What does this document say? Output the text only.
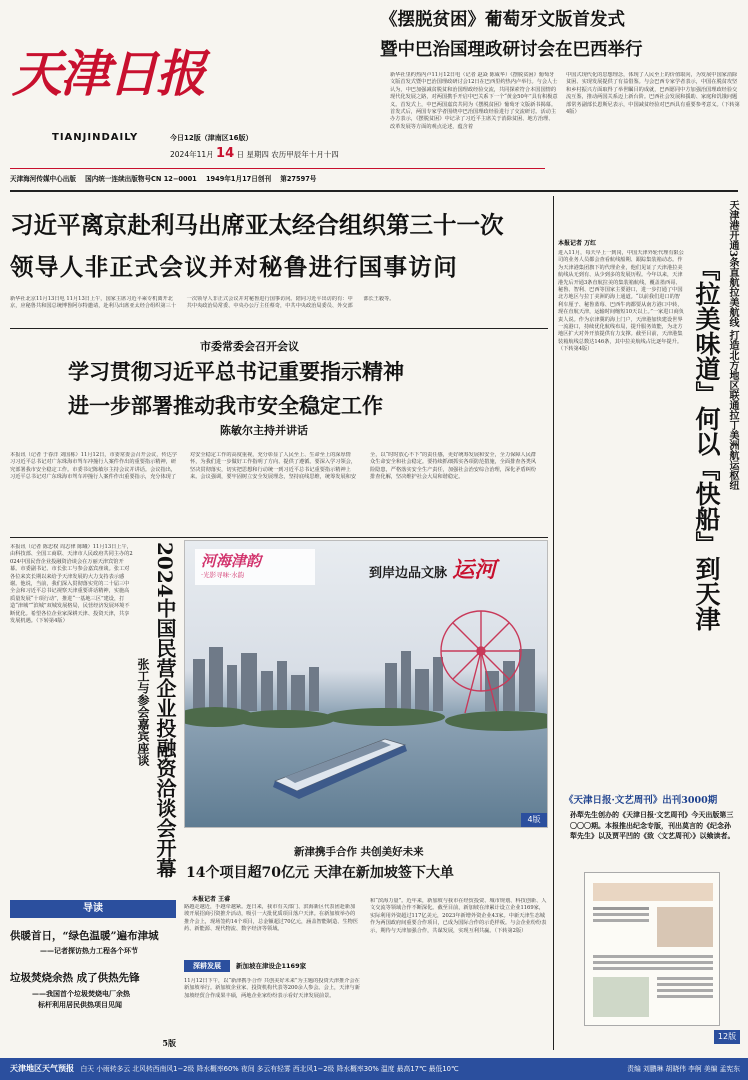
天津日报
TIANJINDAILY	今日12版（津南区16版）
2024年11月 14 日 星期四 农历甲辰年十月十四
天津海河传媒中心出版 国内统一连续出版物号CN 12−0001 1949年1月17日创刊 第27597号
《摆脱贫困》葡萄牙文版首发式
暨中巴治国理政研讨会在巴西举行
新华社里约热内卢11月12日电（记者 赵焱 陈威华）《摆脱贫困》葡萄牙文版首发式暨中巴治国理政研讨会12日在巴西里约热内卢举行。与会人士认为，中巴加强减贫脱贫和治国理政经验交流，共同探索符合本国国情的现代化发展之路，对两国携手开启中巴关系下一个“黄金50年”具有积极意义。首发式上，中巴两国嘉宾共同为《摆脱贫困》葡萄牙文版新书揭幕。首发式后，两国专家学者围绕中巴治国理政经验进行了交流研讨。活动主办方表示，《摆脱贫困》中记录了习近平主席关于消除贫困、地方治理、改革发展等方面的观点论述，蕴含着
中国式现代化的思想理念，体现了人民至上的价值取向，为发展中国家消除贫困、实现发展提供了有益借鉴。与会巴西专家学者表示，中国在脱贫攻坚和乡村振兴方面取得了举世瞩目的成就，巴西愿同中方加强治国理政经验交流互鉴，推动两国关系迈上新台阶。巴西社会发展和援助、家庭和饥饿问题部常务副部长恩斯尼表示，中国减贫经验对巴西具有重要参考意义。（下转第4版）
习近平离京赴利马出席亚太经合组织第三十一次
领导人非正式会议并对秘鲁进行国事访问
新华社北京11月13日电 11月13日上午，国家主席习近平乘专机离开北京，应秘鲁共和国总统博鲁阿尔特邀请，赴利马出席亚太经合组织第三十一次领导人非正式会议并对秘鲁进行国事访问。陪同习近平出访的有：中共中央政治局常委、中央办公厅主任蔡奇，中共中央政治局委员、外交部部长王毅等。
市委常委会召开会议
学习贯彻习近平总书记重要指示精神
进一步部署推动我市安全稳定工作
陈敏尔主持并讲话
本报讯（记者 于春洋 刘国栋）11月12日，市委常委会召开会议，传达学习习近平总书记对广东珠海市驾车冲撞行人案件作出的重要指示精神，研究部署我市安全稳定工作。市委书记陈敏尔主持会议并讲话。会议指出，习近平总书记对广东珠海市驾车冲撞行人案件作出重要指示，充分体现了对安全稳定工作的高度重视，充分彰显了人民至上、生命至上的深厚情怀，为我们进一步做好工作指明了方向、提供了遵循。要深入学习领会，坚决贯彻落实，切实把思想和行动统一到习近平总书记重要指示精神上来。会议强调，要牢固树立安全发展理念，坚持底线思维，统筹发展和安全，以“时时放心不下”的责任感，更好统筹发展和安全，全力保障人民群众生命安全和社会稳定。要持续抓细抓实各项防范措施，全面排查各类风险隐患，严格落实安全生产责任，加强社会治安综合治理，深化矛盾纠纷排查化解，坚决维护社会大局和谐稳定。
2024中国民营企业投融资洽谈会开幕
张工与参会嘉宾座谈
本报讯（记者 陈忠权 周志律 陈曦）11月13日上午，由科技部、全国工商联、天津市人民政府共同主办的2024中国民营企业投融资洽谈会在万丽天津宾馆开幕。市委副书记、市长张工与参会嘉宾座谈。张工对各位来宾长期以来给予天津发展的大力支持表示感谢。他说，当前，我们深入贯彻落实党的二十届三中全会和习近平总书记视察天津重要讲话精神，实施高质量发展“十项行动”，推进“一基地三区”建设，打造“津城”“滨城”双城发展格局，民营经济发展环境不断优化。希望各位企业家深耕天津、投资天津，共享发展机遇。（下转第4版）
导读
供暖首日，“绿色温暖”遍布津城
——记者探访热力工程各个环节
垃圾焚烧余热 成了供热先锋
——我国首个垃圾焚烧电厂余热
标杆利用居民供热项目见闻
5版
河海津韵
·光影寻味·水韵	到岸边品文脉 运河
4版
新津携手合作 共创美好未来
14个项目超70亿元 天津在新加坡签下大单
本报记者 王睿
路越走越近，手越牵越紧。连日来，我市有关部门、滨海新区代表团赴新加坡开展招商引资推介活动，吸引一大批优质项目落户天津。在新加坡举办的推介会上，现场签约14个项目，总金额超过70亿元，涵盖智能制造、生物医药、新能源、现代物流、数字经济等领域。
深耕发展	新加坡在津设企1169家
11月12日下午，以“新津携手合作 共创美好未来”为主题的投资天津推介会在新加坡举行。新加坡企业家、投资机构代表等200余人参会。会上，天津与新加坡经贸合作成果丰硕，两地企业家纷纷表示看好天津发展前景。
和“滨海力量”。近年来，新加坡与我市在经贸投资、城市规划、科技创新、人文交流等领域合作不断深化。截至目前，新加坡在津累计设立企业1169家，实际利用外资超过117亿美元，2023年新增外资企业43家。中新天津生态城作为两国政府间重要合作项目，已成为国际合作的示范样板。与会企业纷纷表示，期待与天津加强合作，共谋发展，实现互利共赢。（下转第2版）
天津港开通3条直航拉美航线 打造北方地区联通拉丁美洲航运枢纽
『拉美味道』何以『快船』到天津
本报记者 万红
进入11月，每天早上一到岗，中国天津外轮代理有限公司的业务人员都会查看航线船期、跟踪集装箱动态。作为天津港集团旗下的代理企业，他们见证了天津港拉美航线从无到有、从少到多的发展历程。今年以来，天津港先后开通3条直航拉美的集装箱航线，覆盖墨西哥、秘鲁、智利、巴西等国家主要港口，进一步打通了中国北方地区与拉丁美洲的海上通道。“以前我们进口的智利车厘子、秘鲁蓝莓、巴西牛肉都要从南方港口中转，现在直航天津，运输时间缩短10天以上。”一家进口商负责人说。作为京津冀的海上门户，天津港加快建设世界一流港口，持续优化航线布局，提升服务效能，为北方地区扩大对外开放提供有力支撑。截至目前，天津港集装箱航线总数达146条，其中拉美航线占比逐年提升。（下转第4版）
《天津日报·文艺周刊》出刊3000期
孙犁先生创办的《天津日报·文艺周刊》今天出版第三〇〇〇期。本报推出纪念专版，刊出莫言的《纪念孙犁先生》以及贾平凹的《致〈文艺周刊〉》以飨读者。
12版
天津地区天气预报 白天 小雨转多云 北风转西南风1−2级 降水概率60% 夜间 多云有轻雾 西北风1−2级 降水概率30% 温度 最高17℃ 最低10℃	责编 刘鹏琳 胡晓伟 李舸 美编 孟宪东
